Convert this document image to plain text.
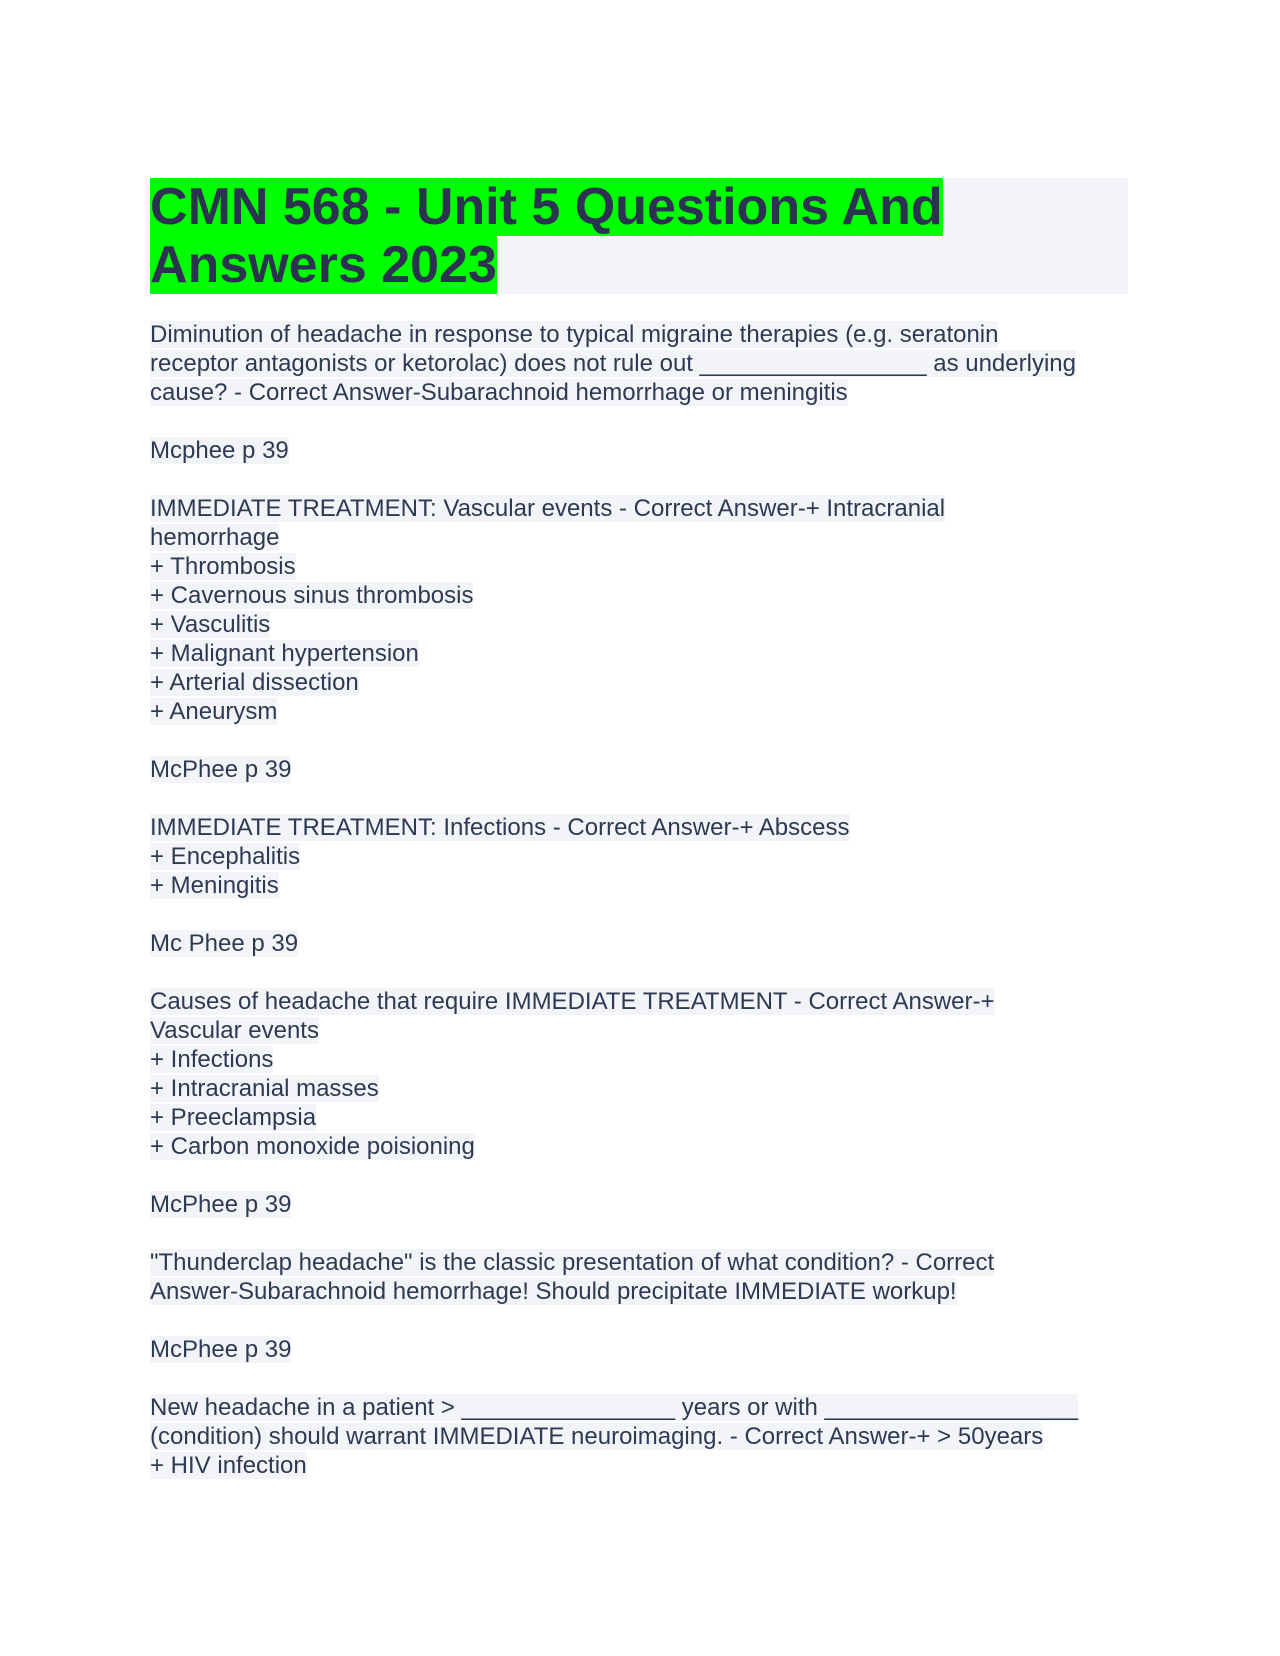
CMN 568 - Unit 5 Questions And
Answers 2023
Diminution of headache in response to typical migraine therapies (e.g. seratonin
receptor antagonists or ketorolac) does not rule out _________________ as underlying
cause? - Correct Answer-Subarachnoid hemorrhage or meningitis
Mcphee p 39
IMMEDIATE TREATMENT: Vascular events - Correct Answer-+ Intracranial
hemorrhage
+ Thrombosis
+ Cavernous sinus thrombosis
+ Vasculitis
+ Malignant hypertension
+ Arterial dissection
+ Aneurysm
McPhee p 39
IMMEDIATE TREATMENT: Infections - Correct Answer-+ Abscess
+ Encephalitis
+ Meningitis
Mc Phee p 39
Causes of headache that require IMMEDIATE TREATMENT - Correct Answer-+
Vascular events
+ Infections
+ Intracranial masses
+ Preeclampsia
+ Carbon monoxide poisioning
McPhee p 39
"Thunderclap headache" is the classic presentation of what condition? - Correct
Answer-Subarachnoid hemorrhage! Should precipitate IMMEDIATE workup!
McPhee p 39
New headache in a patient > ________________ years or with ___________________
(condition) should warrant IMMEDIATE neuroimaging. - Correct Answer-+ > 50years
+ HIV infection
